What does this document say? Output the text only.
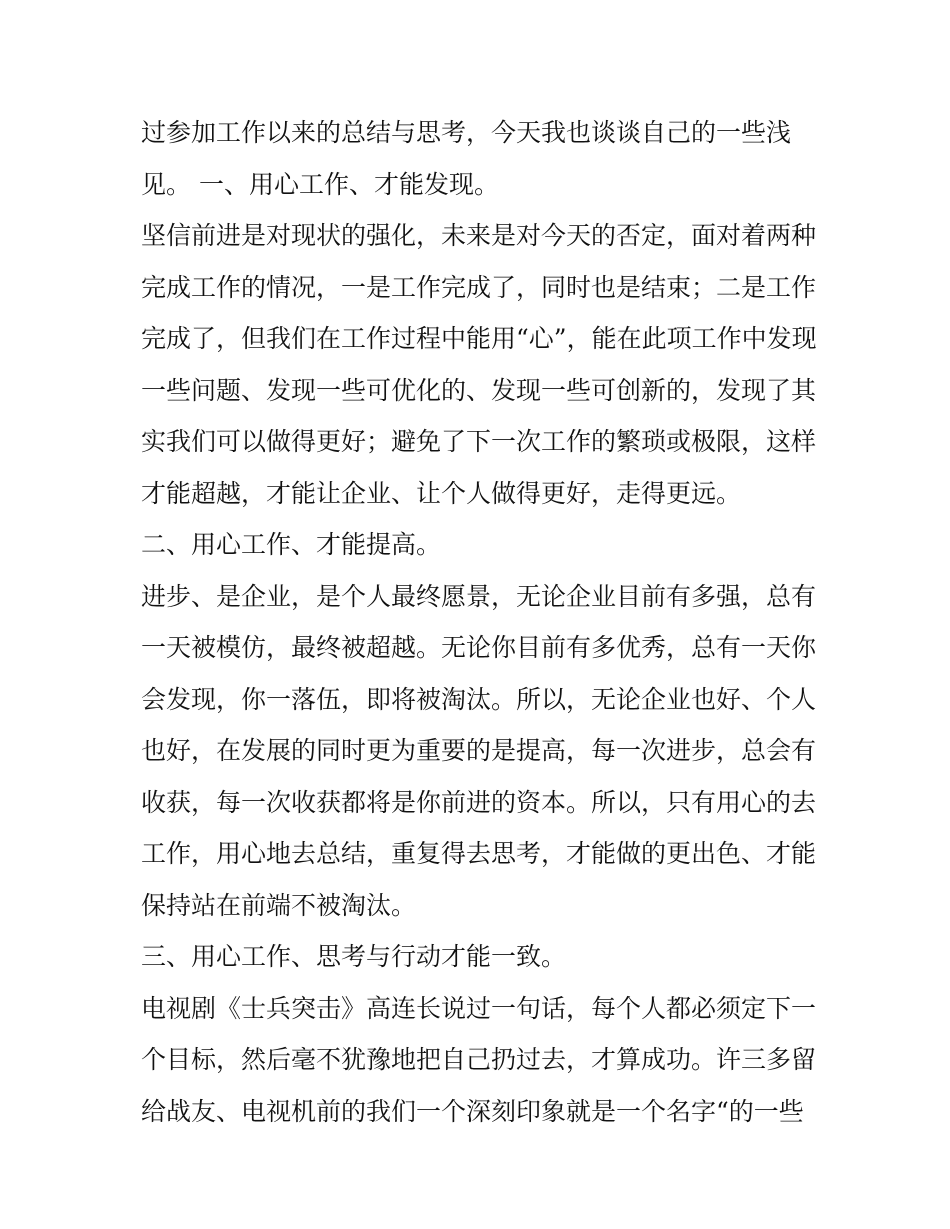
过参加工作以来的总结与思考，今天我也谈谈自己的一些浅

见。 一、用心工作、才能发现。

坚信前进是对现状的强化，未来是对今天的否定，面对着两种

完成工作的情况，一是工作完成了，同时也是结束；二是工作

完成了，但我们在工作过程中能用“心”，能在此项工作中发现

一些问题、发现一些可优化的、发现一些可创新的，发现了其

实我们可以做得更好；避免了下一次工作的繁琐或极限，这样

才能超越，才能让企业、让个人做得更好，走得更远。

二、用心工作、才能提高。

进步、是企业，是个人最终愿景，无论企业目前有多强，总有

一天被模仿，最终被超越。无论你目前有多优秀，总有一天你

会发现，你一落伍，即将被淘汰。所以，无论企业也好、个人

也好，在发展的同时更为重要的是提高，每一次进步，总会有

收获，每一次收获都将是你前进的资本。所以，只有用心的去

工作，用心地去总结，重复得去思考，才能做的更出色、才能

保持站在前端不被淘汰。

三、用心工作、思考与行动才能一致。

电视剧《士兵突击》高连长说过一句话，每个人都必须定下一

个目标，然后毫不犹豫地把自己扔过去，才算成功。许三多留

给战友、电视机前的我们一个深刻印象就是一个名字“的一些
